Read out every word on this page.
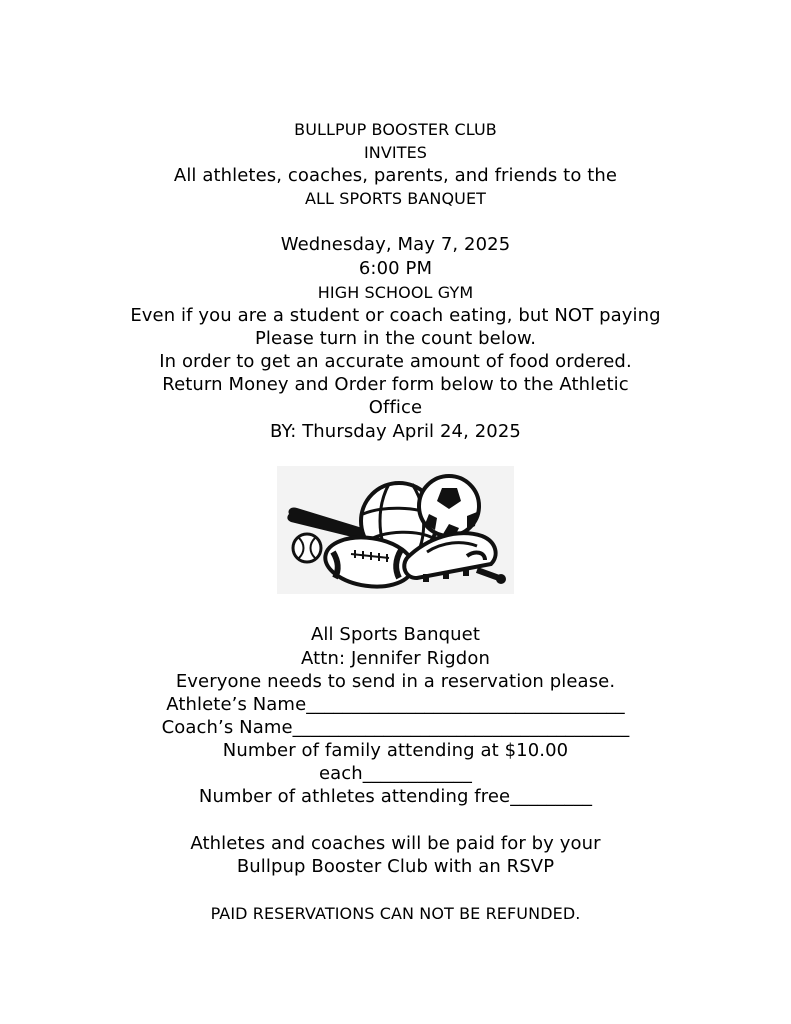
BULLPUP BOOSTER CLUB
INVITES
All athletes, coaches, parents, and friends to the
ALL SPORTS BANQUET
Wednesday, May 7, 2025
6:00 PM
HIGH SCHOOL GYM
Even if you are a student or coach eating, but NOT paying
Please turn in the count below.
In order to get an accurate amount of food ordered.
Return Money and Order form below to the Athletic
Office
BY: Thursday April 24, 2025
All Sports Banquet
Attn: Jennifer Rigdon
Everyone needs to send in a reservation please.
Athlete’s Name___________________________________
Coach’s Name_____________________________________
Number of family attending at $10.00
each____________
Number of athletes attending free_________
Athletes and coaches will be paid for by your
Bullpup Booster Club with an RSVP
PAID RESERVATIONS CAN NOT BE REFUNDED.
